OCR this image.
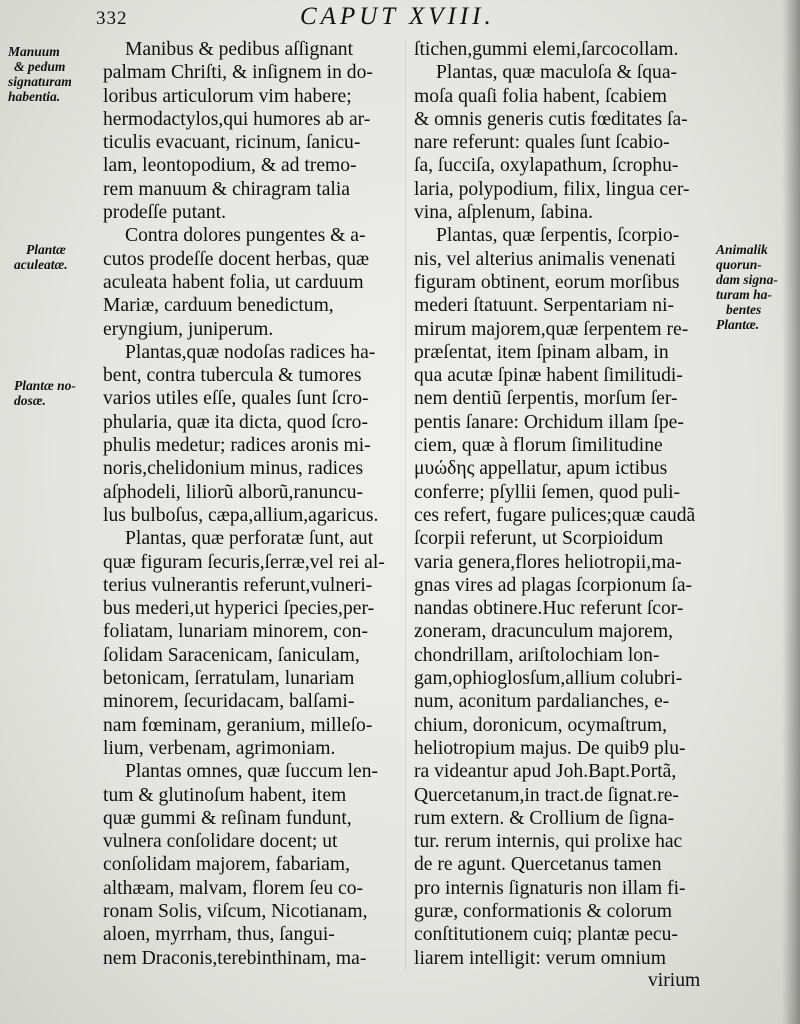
332	CAPUT XVIII.
Manuum
& pedum
signaturam
habentia.
Plantæ
aculeatæ.
Plantæ no-
dosæ.
Animalik
quorun-
dam signa-
turam ha-
bentes
Plantæ.
Manibus & pedibus aſſignant
palmam Chriſti, & inſignem in do-
loribus articulorum vim habere;
hermodactylos,qui humores ab ar-
ticulis evacuant, ricinum, ſanicu-
lam, leontopodium, & ad tremo-
rem manuum & chiragram talia
prodeſſe putant.
Contra dolores pungentes & a-
cutos prodeſſe docent herbas, quæ
aculeata habent folia, ut carduum
Mariæ, carduum benedictum,
eryngium, juniperum.
Plantas,quæ nodoſas radices ha-
bent, contra tubercula & tumores
varios utiles eſſe, quales ſunt ſcro-
phularia, quæ ita dicta, quod ſcro-
phulis medetur; radices aronis mi-
noris,chelidonium minus, radices
aſphodeli, liliorũ alborũ,ranuncu-
lus bulboſus, cæpa,allium,agaricus.
Plantas, quæ perforatæ ſunt, aut
quæ figuram ſecuris,ſerræ,vel rei al-
terius vulnerantis referunt,vulneri-
bus mederi,ut hyperici ſpecies,per-
foliatam, lunariam minorem, con-
ſolidam Saracenicam, ſaniculam,
betonicam, ſerratulam, lunariam
minorem, ſecuridacam, balſami-
nam fœminam, geranium, milleſo-
lium, verbenam, agrimoniam.
Plantas omnes, quæ ſuccum len-
tum & glutinoſum habent, item
quæ gummi & reſinam fundunt,
vulnera conſolidare docent; ut
conſolidam majorem, fabariam,
althæam, malvam, florem ſeu co-
ronam Solis, viſcum, Nicotianam,
aloen, myrrham, thus, ſangui-
nem Draconis,terebinthinam, ma-
ſtichen,gummi elemi,ſarcocollam.
Plantas, quæ maculoſa & ſqua-
moſa quaſi folia habent, ſcabiem
& omnis generis cutis fœditates ſa-
nare referunt: quales ſunt ſcabio-
ſa, ſucciſa, oxylapathum, ſcrophu-
laria, polypodium, filix, lingua cer-
vina, aſplenum, ſabina.
Plantas, quæ ſerpentis, ſcorpio-
nis, vel alterius animalis venenati
figuram obtinent, eorum morſibus
mederi ſtatuunt. Serpentariam ni-
mirum majorem,quæ ſerpentem re-
præſentat, item ſpinam albam, in
qua acutæ ſpinæ habent ſimilitudi-
nem dentiũ ſerpentis, morſum ſer-
pentis ſanare: Orchidum illam ſpe-
ciem, quæ à florum ſimilitudine
μυώδης appellatur, apum ictibus
conferre; pſyllii ſemen, quod puli-
ces refert, fugare pulices;quæ caudã
ſcorpii referunt, ut Scorpioidum
varia genera,flores heliotropii,ma-
gnas vires ad plagas ſcorpionum ſa-
nandas obtinere.Huc referunt ſcor-
zoneram, dracunculum majorem,
chondrillam, ariſtolochiam lon-
gam,ophioglosſum,allium colubri-
num, aconitum pardalianches, e-
chium, doronicum, ocymaſtrum,
heliotropium majus. De quib9 plu-
ra videantur apud Joh.Bapt.Portã,
Quercetanum,in tract.de ſignat.re-
rum extern. & Crollium de ſigna-
tur. rerum internis, qui prolixe hac
de re agunt. Quercetanus tamen
pro internis ſignaturis non illam fi-
guræ, conformationis & colorum
conſtitutionem cuiq; plantæ pecu-
liarem intelligit: verum omnium
virium
